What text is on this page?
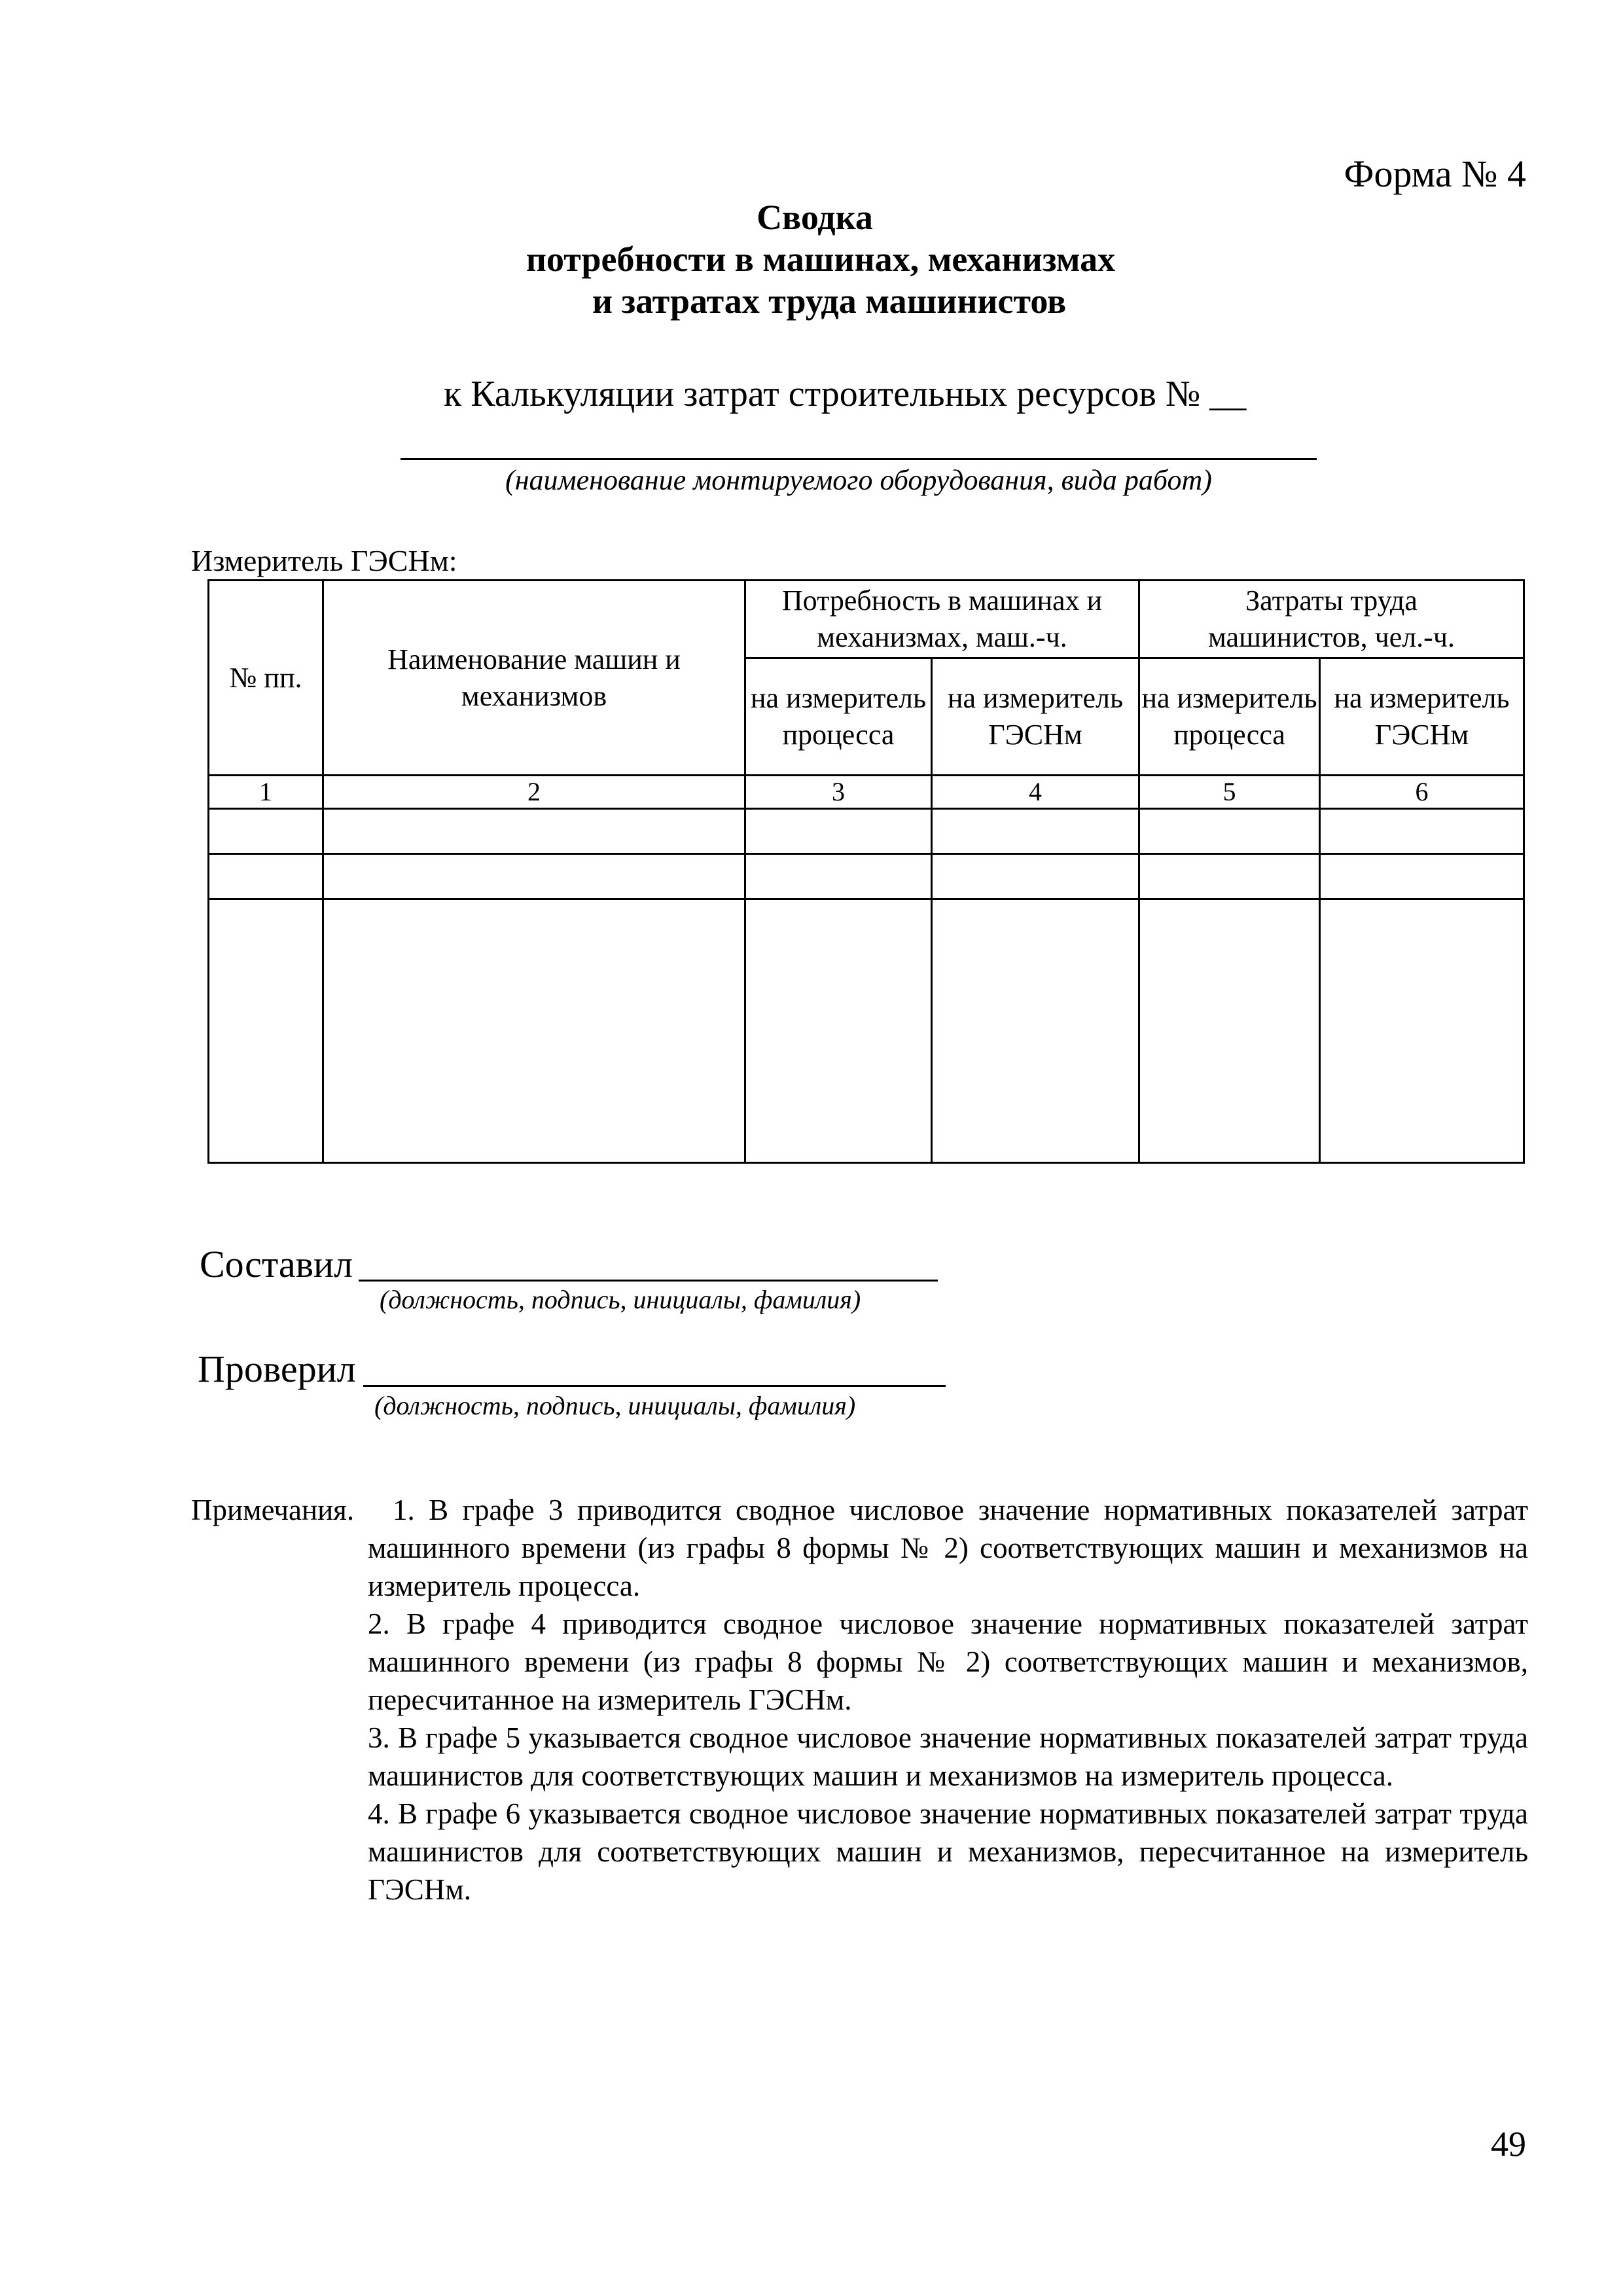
Форма № 4
Сводка
потребности в машинах, механизмах
и затратах труда машинистов
к Калькуляции затрат строительных ресурсов № __
(наименование монтируемого оборудования, вида работ)
Измеритель ГЭСНм:
№ пп.	Наименование машин и механизмов	Потребность в машинах и механизмах, маш.-ч.		Затраты труда машинистов, чел.-ч.	
		на измеритель процесса	на измеритель ГЭСНм	на измеритель процесса	на измеритель ГЭСНм
1	2	3	4	5	6

Составил
(должность, подпись, инициалы, фамилия)
Проверил
(должность, подпись, инициалы, фамилия)
Примечания.	1. В графе 3 приводится сводное числовое значение нормативных показателей затрат машинного времени (из графы 8 формы № 2) соответствующих машин и механизмов на измеритель процесса.

2. В графе 4 приводится сводное числовое значение нормативных показателей затрат машинного времени (из графы 8 формы № 2) соответствующих машин и механизмов, пересчитанное на измеритель ГЭСНм.

3. В графе 5 указывается сводное числовое значение нормативных показателей затрат труда машинистов для соответствующих машин и механизмов на измеритель процесса.

4. В графе 6 указывается сводное числовое значение нормативных показателей затрат труда машинистов для соответствующих машин и механизмов, пересчитанное на измеритель ГЭСНм.

49
